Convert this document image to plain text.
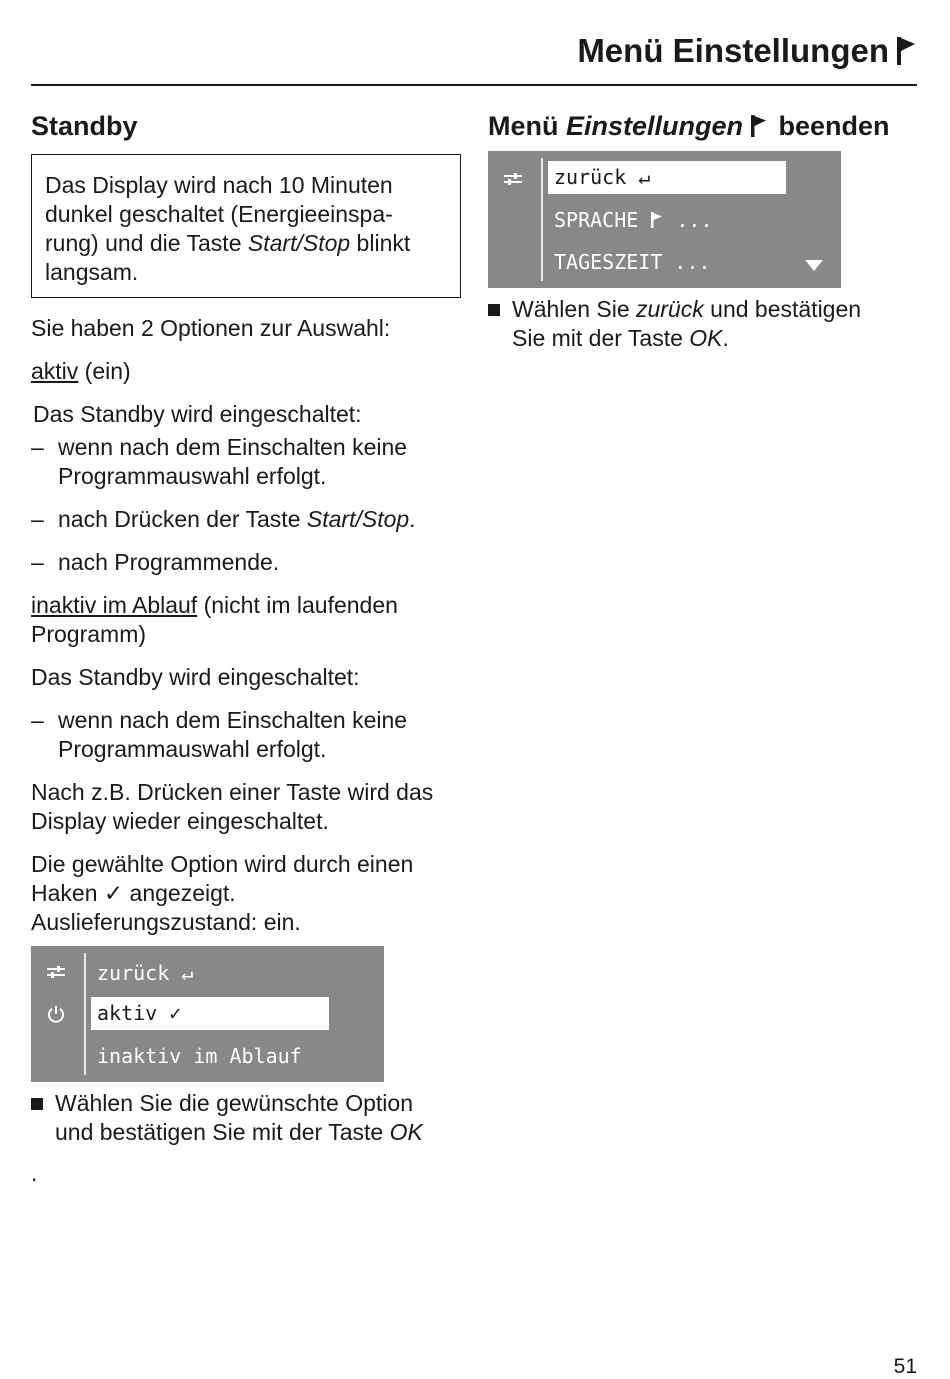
Menü Einstellungen
Standby

Das Display wird nach 10 Minuten
dunkel geschaltet (Energieeinspa-
rung) und die Taste Start/Stop blinkt
langsam.

Sie haben 2 Optionen zur Auswahl:

aktiv (ein)

Das Standby wird eingeschaltet:

– wenn nach dem Einschalten keine
Programmauswahl erfolgt.
– nach Drücken der Taste Start/Stop.
– nach Programmende.

inaktiv im Ablauf (nicht im laufenden
Programm)

Das Standby wird eingeschaltet:

– wenn nach dem Einschalten keine
Programmauswahl erfolgt.

Nach z.B. Drücken einer Taste wird das
Display wieder eingeschaltet.

Die gewählte Option wird durch einen
Haken ✓ angezeigt.
Auslieferungszustand: ein.

zurück ↵
aktiv ✓
inaktiv im Ablauf
Wählen Sie die gewünschte Option
und bestätigen Sie mit der Taste OK

.

Menü Einstellungen beenden
zurück ↵
SPRACHE ...
TAGESZEIT ...
Wählen Sie zurück und bestätigen
Sie mit der Taste OK.
51
